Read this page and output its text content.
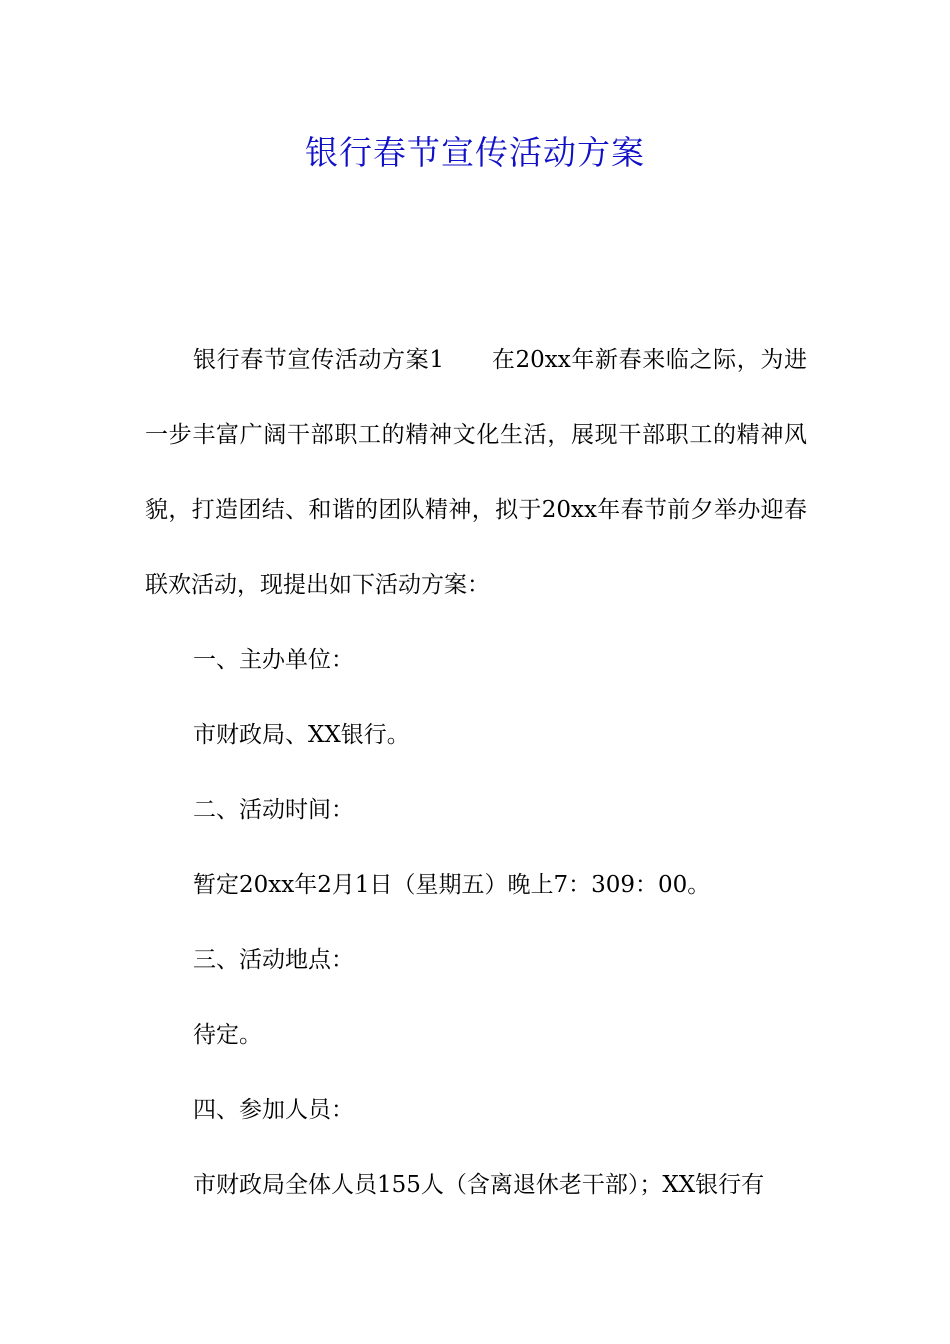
银行春节宣传活动方案

银行春节宣传活动方案1　　在20xx年新春来临之际，为进一步丰富广阔干部职工的精神文化生活，展现干部职工的精神风貌，打造团结、和谐的团队精神，拟于20xx年春节前夕举办迎春联欢活动，现提出如下活动方案：

一、主办单位：

市财政局、XX银行。

二、活动时间：

暂定20xx年2月1日（星期五）晚上7：309：00。

三、活动地点：

待定。

四、参加人员：

市财政局全体人员155人（含离退休老干部）；XX银行有
